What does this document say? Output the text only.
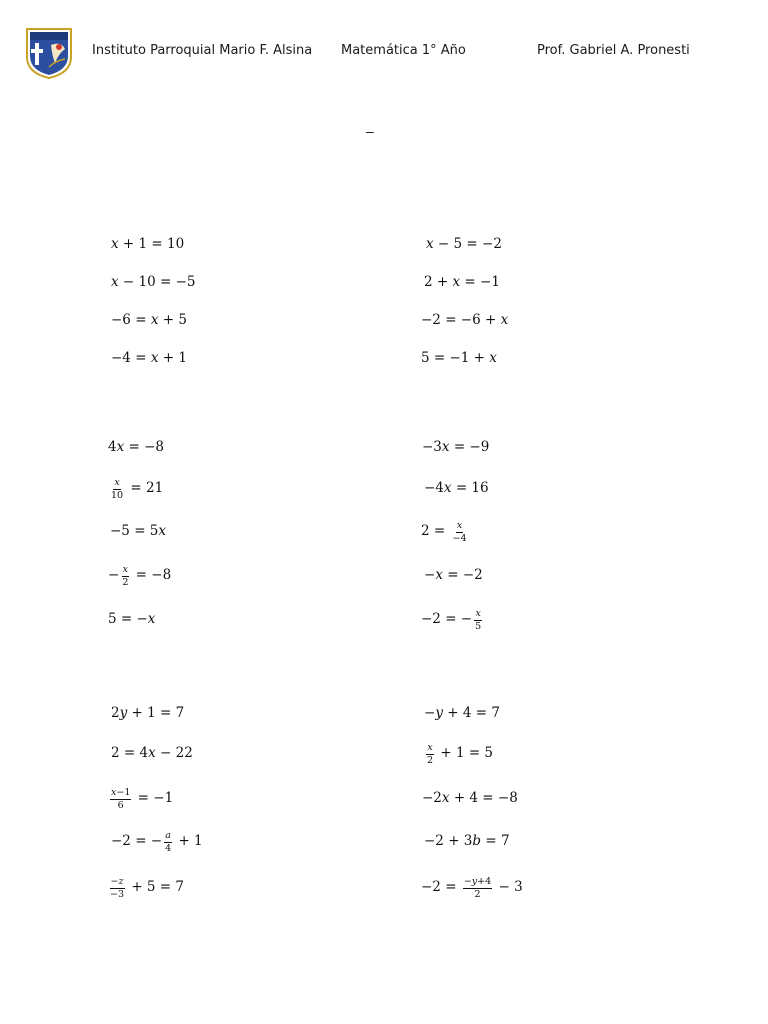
Instituto Parroquial Mario F. Alsina Matemática 1° Año	Prof. Gabriel A. Pronesti
–
x
+ 1 = 10
x
− 10 = −5
−6 =
x
+ 5
−4 =
x
+ 1
x
− 5 = −2
2 +
x
= −1
−2 = −6 +
x
5 = −1 +
x
4 x
= −8
$\frac{x}{10}$
= 21
−5 = 5 x
− $\frac{x}{2}$
= −8
5 = − x
−3 x
= −9
−4 x
= 16
2 =
$\frac{x}{-4}$
− x
= −2
−2 = − $\frac{x}{5}$
2 y
+ 1 = 7
2 = 4 x
− 22
$\frac{x-1}{6}$
= −1
−2 = − $\frac{a}{4}$
+ 1
$\frac{-z}{-3}$
+ 5 = 7
− y
+ 4 = 7
$\frac{x}{2}$
+ 1 = 5
−2 x
+ 4 = −8
−2 + 3 b
= 7
−2 =
$\frac{-y+4}{2}$
− 3
